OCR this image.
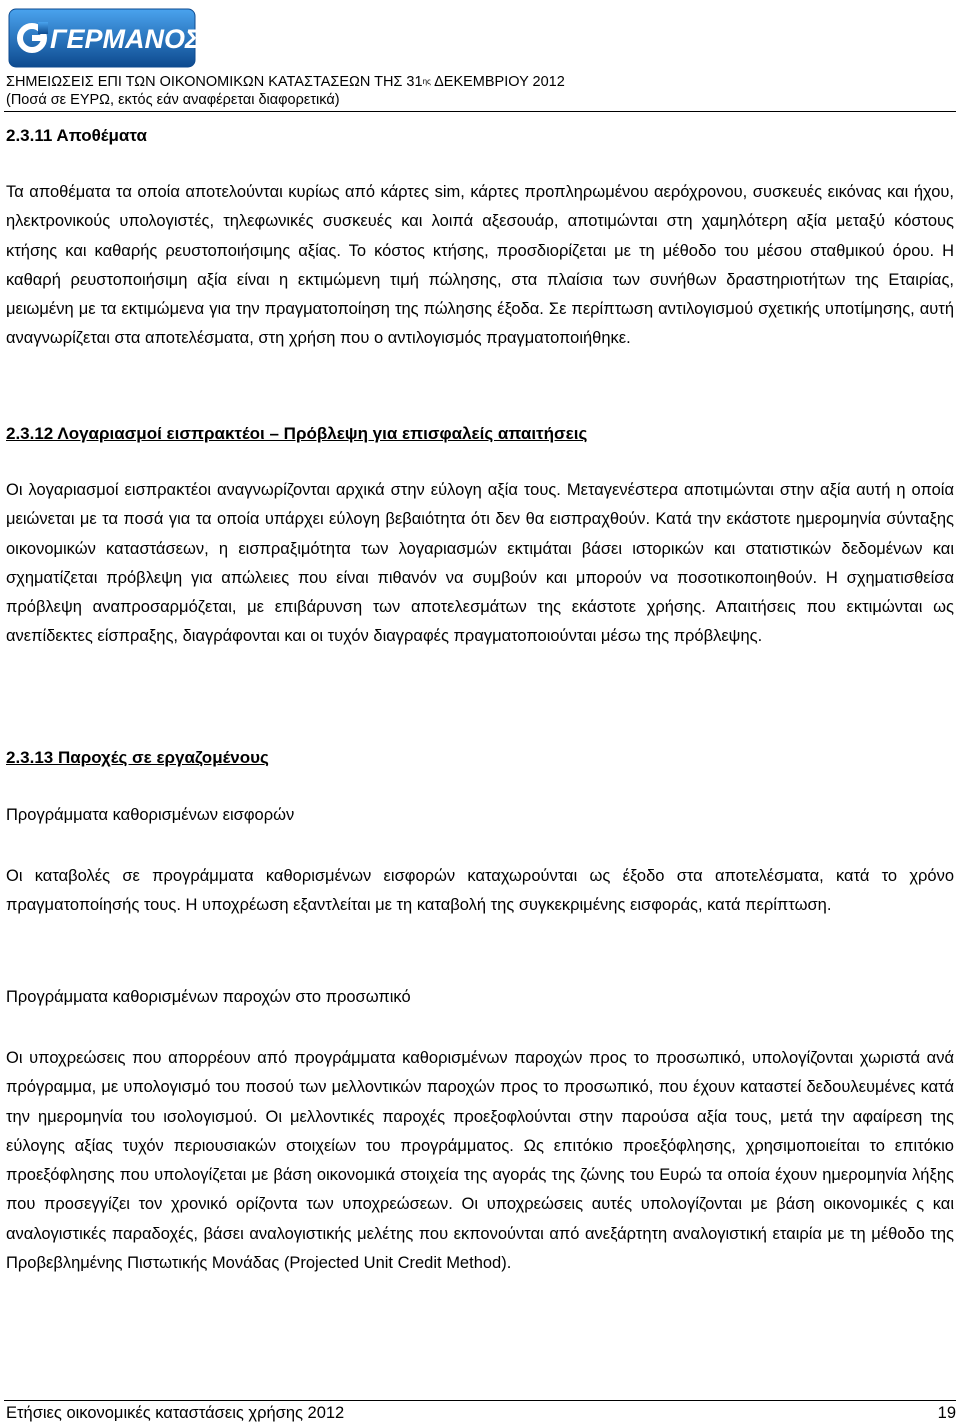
ΓΕΡΜΑΝΟΣ
ΣΗΜΕΙΩΣΕΙΣ ΕΠΙ ΤΩΝ ΟΙΚΟΝΟΜΙΚΩΝ ΚΑΤΑΣΤΑΣΕΩΝ ΤΗΣ $31^{\eta\varsigma}$ ΔΕΚΕΜΒΡΙΟΥ 2012
(Ποσά σε ΕΥΡΩ, εκτός εάν αναφέρεται διαφορετικά)
2.3.11 Αποθέματα

Τα αποθέματα τα οποία αποτελούνται κυρίως από κάρτες sim, κάρτες προπληρωμένου αερόχρονου, συσκευές εικόνας και ήχου, ηλεκτρονικούς υπολογιστές, τηλεφωνικές συσκευές και λοιπά αξεσουάρ, αποτιμώνται στη χαμηλότερη αξία μεταξύ κόστους κτήσης και καθαρής ρευστοποιήσιμης αξίας. Το κόστος κτήσης, προσδιορίζεται με τη μέθοδο του μέσου σταθμικού όρου. Η καθαρή ρευστοποιήσιμη αξία είναι η εκτιμώμενη τιμή πώλησης, στα πλαίσια των συνήθων δραστηριοτήτων της Εταιρίας, μειωμένη με τα εκτιμώμενα για την πραγματοποίηση της πώλησης έξοδα. Σε περίπτωση αντιλογισμού σχετικής υποτίμησης, αυτή αναγνωρίζεται στα αποτελέσματα, στη χρήση που ο αντιλογισμός πραγματοποιήθηκε.

2.3.12 Λογαριασμοί εισπρακτέοι – Πρόβλεψη για επισφαλείς απαιτήσεις

Οι λογαριασμοί εισπρακτέοι αναγνωρίζονται αρχικά στην εύλογη αξία τους. Μεταγενέστερα αποτιμώνται στην αξία αυτή η οποία μειώνεται με τα ποσά για τα οποία υπάρχει εύλογη βεβαιότητα ότι δεν θα εισπραχθούν. Κατά την εκάστοτε ημερομηνία σύνταξης οικονομικών καταστάσεων, η εισπραξιμότητα των λογαριασμών εκτιμάται βάσει ιστορικών και στατιστικών δεδομένων και σχηματίζεται πρόβλεψη για απώλειες που είναι πιθανόν να συμβούν και μπορούν να ποσοτικοποιηθούν. Η σχηματισθείσα πρόβλεψη αναπροσαρμόζεται, με επιβάρυνση των αποτελεσμάτων της εκάστοτε χρήσης. Απαιτήσεις που εκτιμώνται ως ανεπίδεκτες είσπραξης, διαγράφονται και οι τυχόν διαγραφές πραγματοποιούνται μέσω της πρόβλεψης.

2.3.13 Παροχές σε εργαζομένους
Προγράμματα καθορισμένων εισφορών

Οι καταβολές σε προγράμματα καθορισμένων εισφορών καταχωρούνται ως έξοδο στα αποτελέσματα, κατά το χρόνο πραγματοποίησής τους. Η υποχρέωση εξαντλείται με τη καταβολή της συγκεκριμένης εισφοράς, κατά περίπτωση.

Προγράμματα καθορισμένων παροχών στο προσωπικό

Οι υποχρεώσεις που απορρέουν από προγράμματα καθορισμένων παροχών προς το προσωπικό, υπολογίζονται χωριστά ανά πρόγραμμα, με υπολογισμό του ποσού των μελλοντικών παροχών προς το προσωπικό, που έχουν καταστεί δεδουλευμένες κατά την ημερομηνία του ισολογισμού. Οι μελλοντικές παροχές προεξοφλούνται στην παρούσα αξία τους, μετά την αφαίρεση της εύλογης αξίας τυχόν περιουσιακών στοιχείων του προγράμματος. Ως επιτόκιο προεξόφλησης, χρησιμοποιείται το επιτόκιο προεξόφλησης που υπολογίζεται με βάση οικονομικά στοιχεία της αγοράς της ζώνης του Ευρώ τα οποία έχουν ημερομηνία λήξης που προσεγγίζει τον χρονικό ορίζοντα των υποχρεώσεων. Οι υποχρεώσεις αυτές υπολογίζονται με βάση οικονομικές ς και αναλογιστικές παραδοχές, βάσει αναλογιστικής μελέτης που εκπονούνται από ανεξάρτητη αναλογιστική εταιρία με τη μέθοδο της Προβεβλημένης Πιστωτικής Μονάδας (Projected Unit Credit Method).

Ετήσιες οικονομικές καταστάσεις χρήσης 2012	19
